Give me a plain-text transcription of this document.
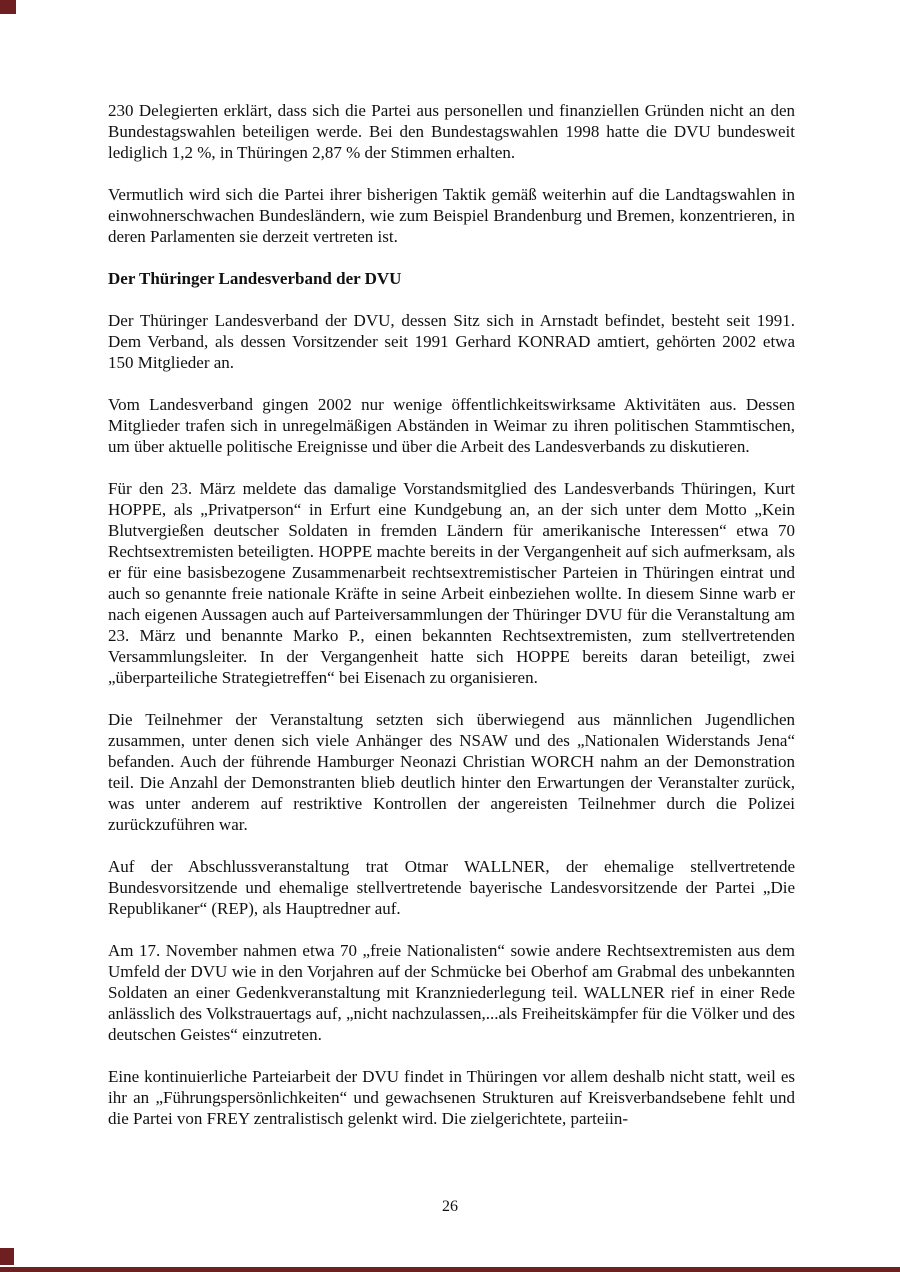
230 Delegierten erklärt, dass sich die Partei aus personellen und finanziellen Gründen nicht an den Bundestagswahlen beteiligen werde. Bei den Bundestagswahlen 1998 hatte die DVU bundesweit lediglich 1,2 %, in Thüringen 2,87 % der Stimmen erhalten.

Vermutlich wird sich die Partei ihrer bisherigen Taktik gemäß weiterhin auf die Landtagswahlen in einwohnerschwachen Bundesländern, wie zum Beispiel Brandenburg und Bremen, konzentrieren, in deren Parlamenten sie derzeit vertreten ist.

Der Thüringer Landesverband der DVU

Der Thüringer Landesverband der DVU, dessen Sitz sich in Arnstadt befindet, besteht seit 1991. Dem Verband, als dessen Vorsitzender seit 1991 Gerhard KONRAD amtiert, gehörten 2002 etwa 150 Mitglieder an.

Vom Landesverband gingen 2002 nur wenige öffentlichkeitswirksame Aktivitäten aus. Dessen Mitglieder trafen sich in unregelmäßigen Abständen in Weimar zu ihren politischen Stammtischen, um über aktuelle politische Ereignisse und über die Arbeit des Landesverbands zu diskutieren.

Für den 23. März meldete das damalige Vorstandsmitglied des Landesverbands Thüringen, Kurt HOPPE, als „Privatperson“ in Erfurt eine Kundgebung an, an der sich unter dem Motto „Kein Blutvergießen deutscher Soldaten in fremden Ländern für amerikanische Interessen“ etwa 70 Rechtsextremisten beteiligten. HOPPE machte bereits in der Vergangenheit auf sich aufmerksam, als er für eine basisbezogene Zusammenarbeit rechtsextremistischer Parteien in Thüringen eintrat und auch so genannte freie nationale Kräfte in seine Arbeit einbeziehen wollte. In diesem Sinne warb er nach eigenen Aussagen auch auf Parteiversammlungen der Thüringer DVU für die Veranstaltung am 23. März und benannte Marko P., einen bekannten Rechtsextremisten, zum stellvertretenden Versammlungsleiter. In der Vergangenheit hatte sich HOPPE bereits daran beteiligt, zwei „überparteiliche Strategietreffen“ bei Eisenach zu organisieren.

Die Teilnehmer der Veranstaltung setzten sich überwiegend aus männlichen Jugendlichen zusammen, unter denen sich viele Anhänger des NSAW und des „Nationalen Widerstands Jena“ befanden. Auch der führende Hamburger Neonazi Christian WORCH nahm an der Demonstration teil. Die Anzahl der Demonstranten blieb deutlich hinter den Erwartungen der Veranstalter zurück, was unter anderem auf restriktive Kontrollen der angereisten Teilnehmer durch die Polizei zurückzuführen war.

Auf der Abschlussveranstaltung trat Otmar WALLNER, der ehemalige stellvertretende Bundesvorsitzende und ehemalige stellvertretende bayerische Landesvorsitzende der Partei „Die Republikaner“ (REP), als Hauptredner auf.

Am 17. November nahmen etwa 70 „freie Nationalisten“ sowie andere Rechtsextremisten aus dem Umfeld der DVU wie in den Vorjahren auf der Schmücke bei Oberhof am Grabmal des unbekannten Soldaten an einer Gedenkveranstaltung mit Kranzniederlegung teil. WALLNER rief in einer Rede anlässlich des Volkstrauertags auf, „nicht nachzulassen,...als Freiheitskämpfer für die Völker und des deutschen Geistes“ einzutreten.

Eine kontinuierliche Parteiarbeit der DVU findet in Thüringen vor allem deshalb nicht statt, weil es ihr an „Führungspersönlichkeiten“ und gewachsenen Strukturen auf Kreisverbandsebene fehlt und die Partei von FREY zentralistisch gelenkt wird. Die zielgerichtete, parteiin-

26
